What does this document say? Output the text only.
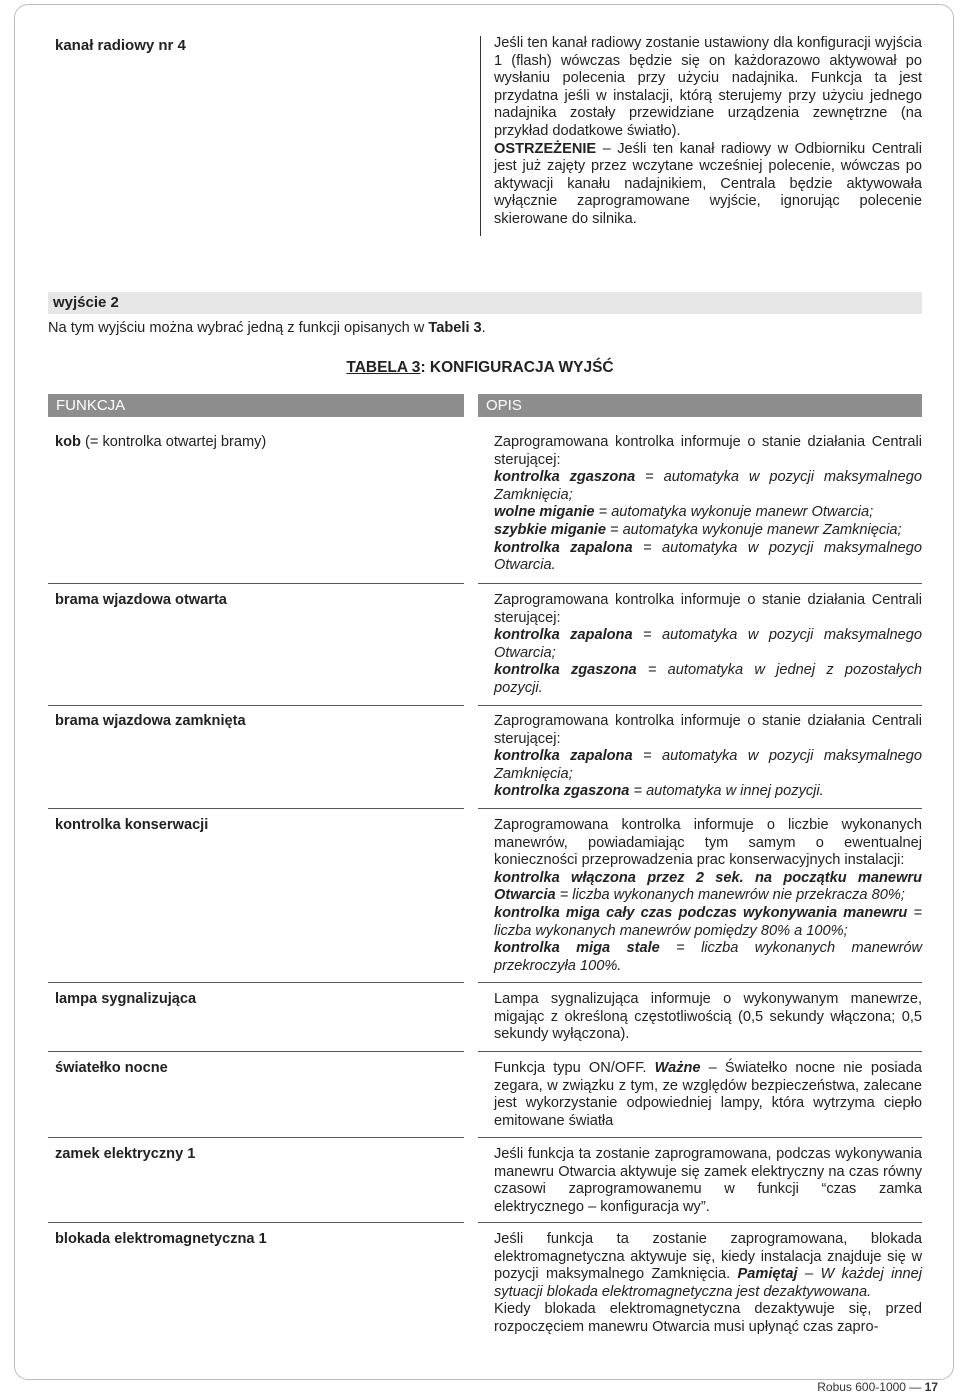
kanał radiowy nr 4	Jeśli ten kanał radiowy zostanie ustawiony dla konfiguracji wyjścia 1 (flash) wówczas będzie się on każdorazowo aktywował po wysłaniu polecenia przy użyciu nadajnika. Funkcja ta jest przydatna jeśli w instalacji, którą sterujemy przy użyciu jednego nadajnika zostały przewidziane urządzenia zewnętrzne (na przykład dodatkowe światło).

OSTRZEŻENIE – Jeśli ten kanał radiowy w Odbiorniku Centrali jest już zajęty przez wczytane wcześniej polecenie, wówczas po aktywacji kanału nadajnikiem, Centrala będzie aktywowała wyłącznie zaprogramowane wyjście, ignorując polecenie skierowane do silnika.

wyjście 2
Na tym wyjściu można wybrać jedną z funkcji opisanych w Tabeli 3.
TABELA 3: KONFIGURACJA WYJŚĆ
FUNKCJA	OPIS
kob (= kontrolka otwartej bramy)	Zaprogramowana kontrolka informuje o stanie działania Centrali sterującej:

kontrolka zgaszona = automatyka w pozycji maksymalnego Zamknięcia;

wolne miganie = automatyka wykonuje manewr Otwarcia;

szybkie miganie = automatyka wykonuje manewr Zamknięcia;

kontrolka zapalona = automatyka w pozycji maksymalnego Otwarcia.

brama wjazdowa otwarta	Zaprogramowana kontrolka informuje o stanie działania Centrali sterującej:

kontrolka zapalona = automatyka w pozycji maksymalnego Otwarcia;

kontrolka zgaszona = automatyka w jednej z pozostałych pozycji.

brama wjazdowa zamknięta	Zaprogramowana kontrolka informuje o stanie działania Centrali sterującej:

kontrolka zapalona = automatyka w pozycji maksymalnego Zamknięcia;

kontrolka zgaszona = automatyka w innej pozycji.

kontrolka konserwacji	Zaprogramowana kontrolka informuje o liczbie wykonanych manewrów, powiadamiając tym samym o ewentualnej konieczności przeprowadzenia prac konserwacyjnych instalacji:

kontrolka włączona przez 2 sek. na początku manewru Otwarcia = liczba wykonanych manewrów nie przekracza 80%;

kontrolka miga cały czas podczas wykonywania manewru = liczba wykonanych manewrów pomiędzy 80% a 100%;

kontrolka miga stale = liczba wykonanych manewrów przekroczyła 100%.

lampa sygnalizująca	Lampa sygnalizująca informuje o wykonywanym manewrze, migając z określoną częstotliwością (0,5 sekundy włączona; 0,5 sekundy wyłączona).
światełko nocne	Funkcja typu ON/OFF. Ważne – Światełko nocne nie posiada zegara, w związku z tym, ze względów bezpieczeństwa, zalecane jest wykorzystanie odpowiedniej lampy, która wytrzyma ciepło emitowane światła
zamek elektryczny 1	Jeśli funkcja ta zostanie zaprogramowana, podczas wykonywania manewru Otwarcia aktywuje się zamek elektryczny na czas równy czasowi zaprogramowanemu w funkcji “czas zamka elektrycznego – konfiguracja wy”.
blokada elektromagnetyczna 1	Jeśli funkcja ta zostanie zaprogramowana, blokada elektromagnetyczna aktywuje się, kiedy instalacja znajduje się w pozycji maksymalnego Zamknięcia. Pamiętaj – W każdej innej sytuacji blokada elektromagnetyczna jest dezaktywowana.

Kiedy blokada elektromagnetyczna dezaktywuje się, przed rozpoczęciem manewru Otwarcia musi upłynąć czas zapro-

Robus 600-1000 — 17
